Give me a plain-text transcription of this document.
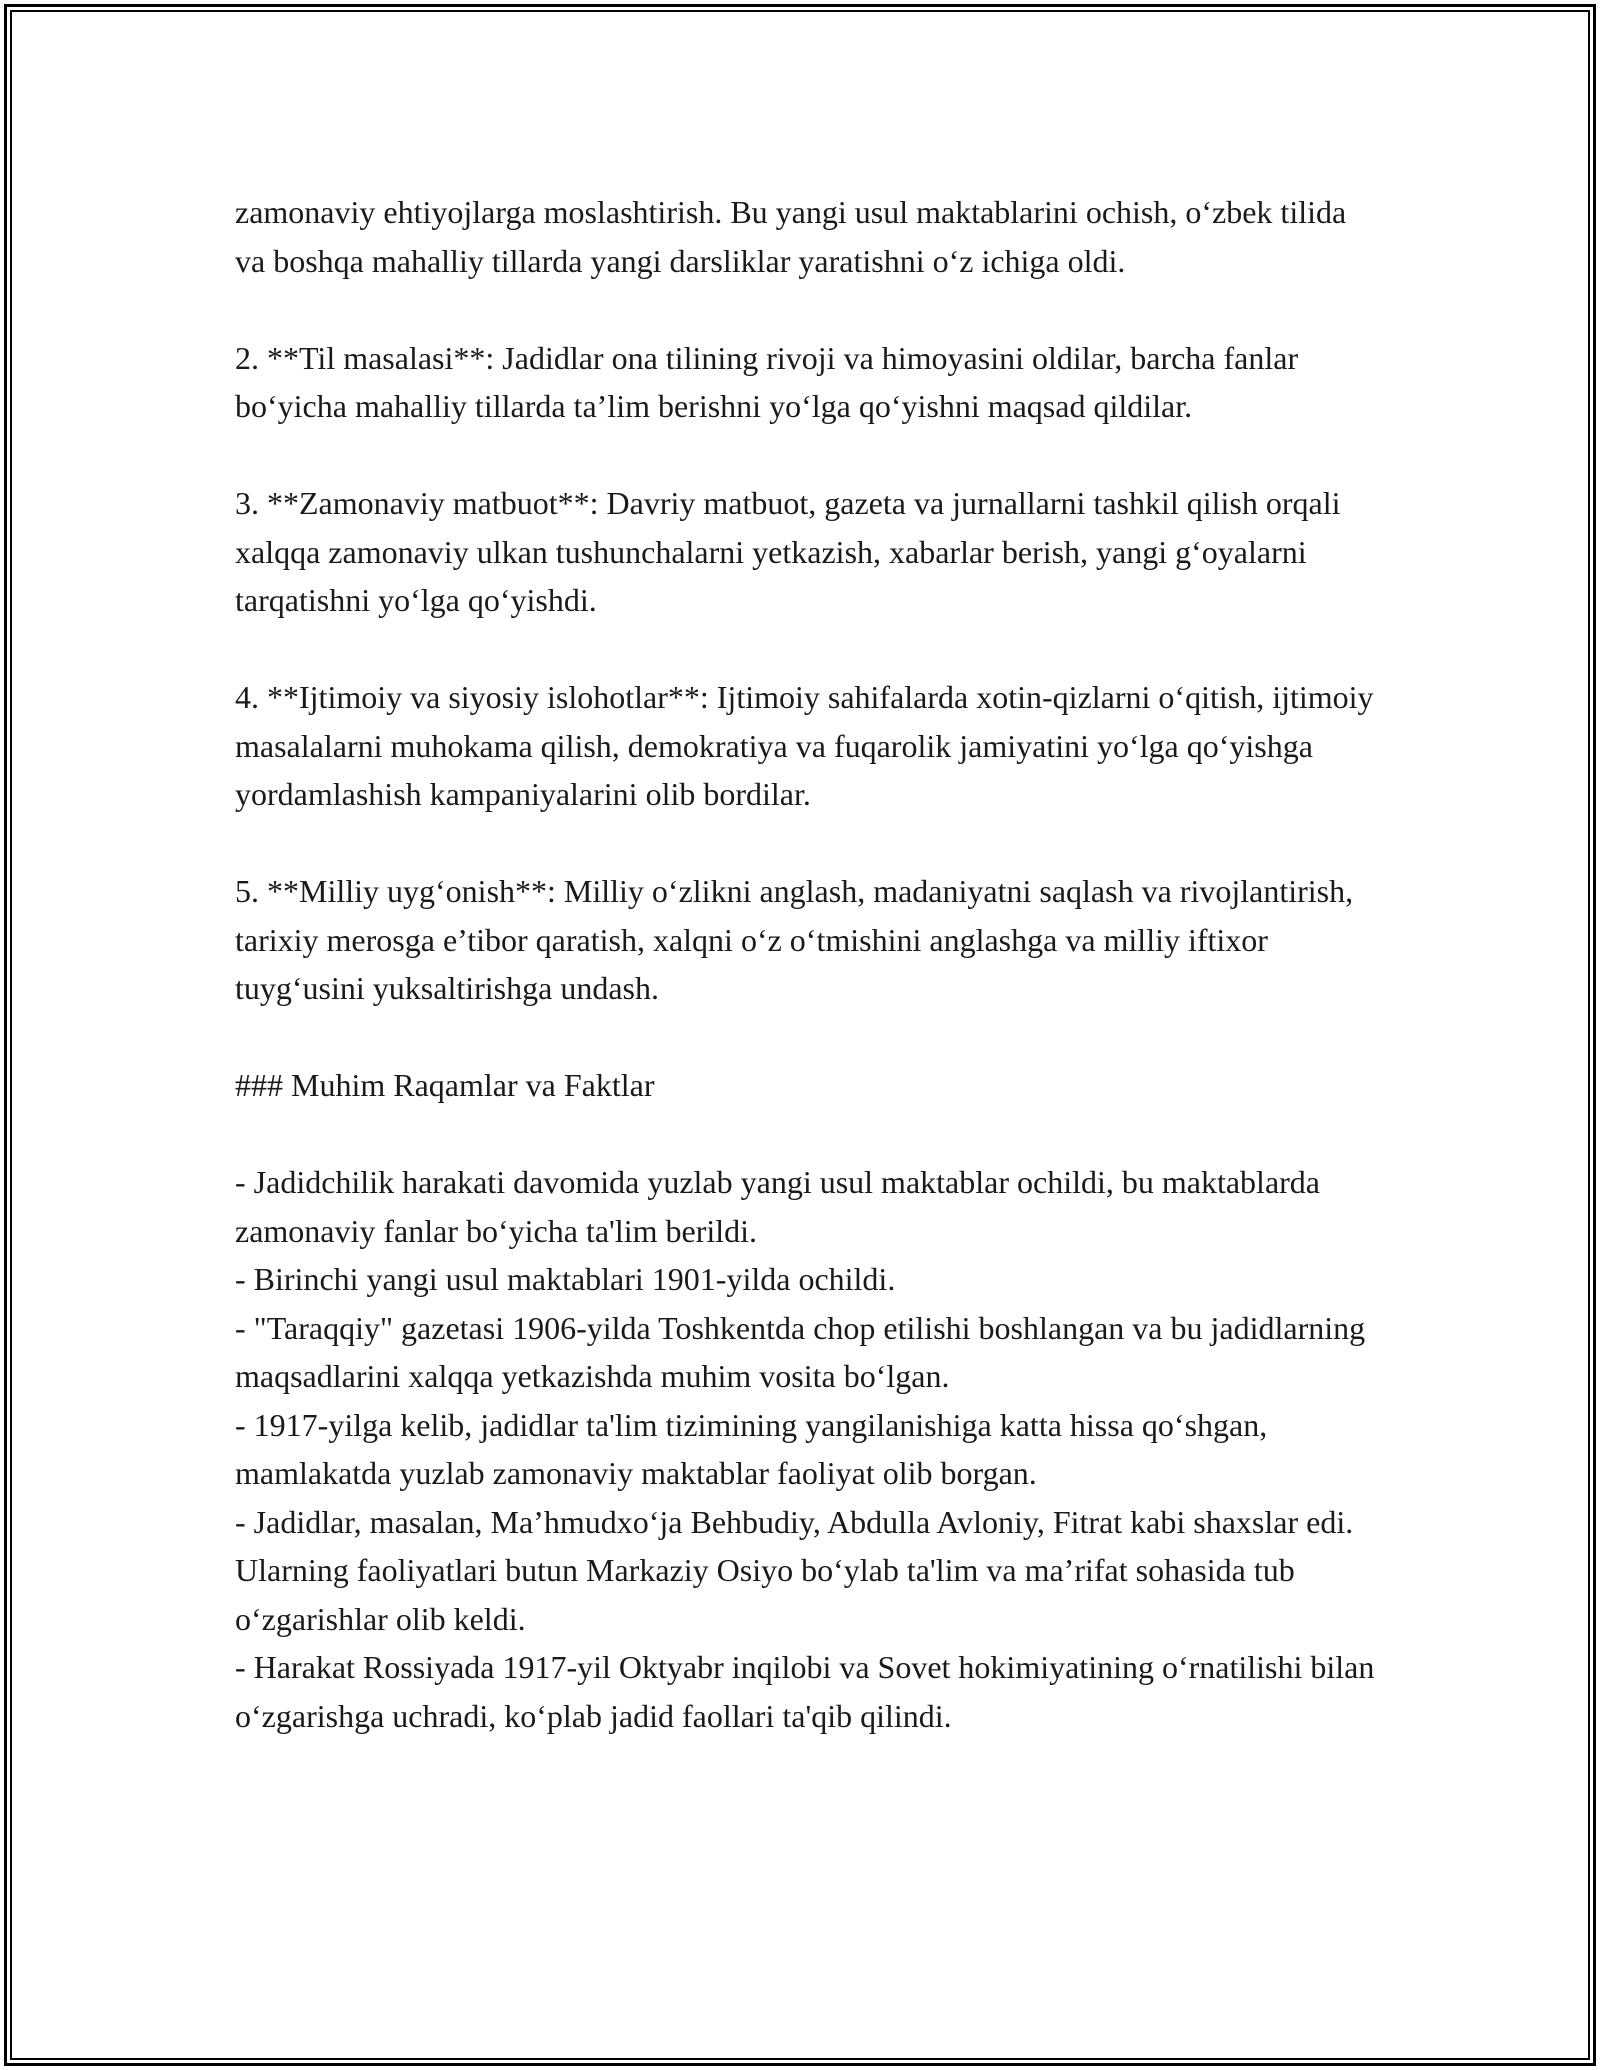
zamonaviy ehtiyojlarga moslashtirish. Bu yangi usul maktablarini ochish, o‘zbek tilida va boshqa mahalliy tillarda yangi darsliklar yaratishni o‘z ichiga oldi.

2. **Til masalasi**: Jadidlar ona tilining rivoji va himoyasini oldilar, barcha fanlar bo‘yicha mahalliy tillarda ta’lim berishni yo‘lga qo‘yishni maqsad qildilar.

3. **Zamonaviy matbuot**: Davriy matbuot, gazeta va jurnallarni tashkil qilish orqali xalqqa zamonaviy ulkan tushunchalarni yetkazish, xabarlar berish, yangi g‘oyalarni tarqatishni yo‘lga qo‘yishdi.

4. **Ijtimoiy va siyosiy islohotlar**: Ijtimoiy sahifalarda xotin-qizlarni o‘qitish, ijtimoiy masalalarni muhokama qilish, demokratiya va fuqarolik jamiyatini yo‘lga qo‘yishga yordamlashish kampaniyalarini olib bordilar.

5. **Milliy uyg‘onish**: Milliy o‘zlikni anglash, madaniyatni saqlash va rivojlantirish, tarixiy merosga e’tibor qaratish, xalqni o‘z o‘tmishini anglashga va milliy iftixor tuyg‘usini yuksaltirishga undash.

### Muhim Raqamlar va Faktlar

- Jadidchilik harakati davomida yuzlab yangi usul maktablar ochildi, bu maktablarda zamonaviy fanlar bo‘yicha ta'lim berildi.
- Birinchi yangi usul maktablari 1901-yilda ochildi.
- "Taraqqiy" gazetasi 1906-yilda Toshkentda chop etilishi boshlangan va bu jadidlarning maqsadlarini xalqqa yetkazishda muhim vosita bo‘lgan.
- 1917-yilga kelib, jadidlar ta'lim tizimining yangilanishiga katta hissa qo‘shgan, mamlakatda yuzlab zamonaviy maktablar faoliyat olib borgan.
- Jadidlar, masalan, Ma’hmudxo‘ja Behbudiy, Abdulla Avloniy, Fitrat kabi shaxslar edi. Ularning faoliyatlari butun Markaziy Osiyo bo‘ylab ta'lim va ma’rifat sohasida tub o‘zgarishlar olib keldi.
- Harakat Rossiyada 1917-yil Oktyabr inqilobi va Sovet hokimiyatining o‘rnatilishi bilan o‘zgarishga uchradi, ko‘plab jadid faollari ta'qib qilindi.
